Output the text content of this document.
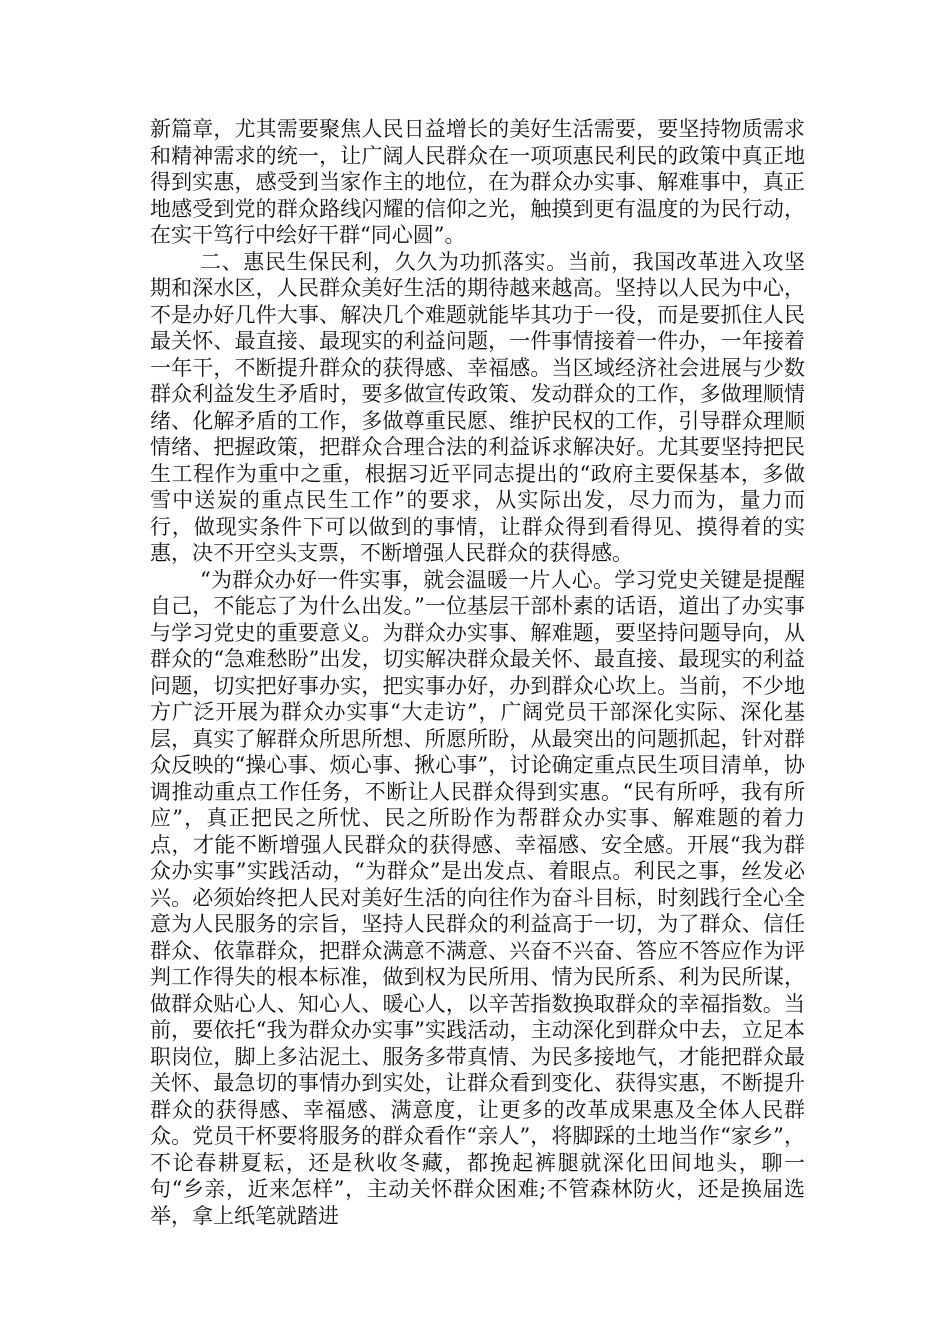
新篇章，尤其需要聚焦人民日益增长的美好生活需要，要坚持物质需求和精神需求的统一，让广阔人民群众在一项项惠民利民的政策中真正地得到实惠，感受到当家作主的地位，在为群众办实事、解难事中，真正地感受到党的群众路线闪耀的信仰之光，触摸到更有温度的为民行动，在实干笃行中绘好干群“同心圆”。

二、惠民生保民利，久久为功抓落实。当前，我国改革进入攻坚期和深水区，人民群众美好生活的期待越来越高。坚持以人民为中心，不是办好几件大事、解决几个难题就能毕其功于一役，而是要抓住人民最关怀、最直接、最现实的利益问题，一件事情接着一件办，一年接着一年干，不断提升群众的获得感、幸福感。当区域经济社会进展与少数群众利益发生矛盾时，要多做宣传政策、发动群众的工作，多做理顺情绪、化解矛盾的工作，多做尊重民愿、维护民权的工作，引导群众理顺情绪、把握政策，把群众合理合法的利益诉求解决好。尤其要坚持把民生工程作为重中之重，根据习近平同志提出的“政府主要保基本，多做雪中送炭的重点民生工作”的要求，从实际出发，尽力而为，量力而行，做现实条件下可以做到的事情，让群众得到看得见、摸得着的实惠，决不开空头支票，不断增强人民群众的获得感。

“为群众办好一件实事，就会温暖一片人心。学习党史关键是提醒自己，不能忘了为什么出发。”一位基层干部朴素的话语，道出了办实事与学习党史的重要意义。为群众办实事、解难题，要坚持问题导向，从群众的“急难愁盼”出发，切实解决群众最关怀、最直接、最现实的利益问题，切实把好事办实，把实事办好，办到群众心坎上。当前，不少地方广泛开展为群众办实事“大走访”，广阔党员干部深化实际、深化基层，真实了解群众所思所想、所愿所盼，从最突出的问题抓起，针对群众反映的“操心事、烦心事、揪心事”，讨论确定重点民生项目清单，协调推动重点工作任务，不断让人民群众得到实惠。“民有所呼，我有所应”，真正把民之所忧、民之所盼作为帮群众办实事、解难题的着力点，才能不断增强人民群众的获得感、幸福感、安全感。开展“我为群众办实事”实践活动，“为群众”是出发点、着眼点。利民之事，丝发必兴。必须始终把人民对美好生活的向往作为奋斗目标，时刻践行全心全意为人民服务的宗旨，坚持人民群众的利益高于一切，为了群众、信任群众、依靠群众，把群众满意不满意、兴奋不兴奋、答应不答应作为评判工作得失的根本标准，做到权为民所用、情为民所系、利为民所谋，做群众贴心人、知心人、暖心人，以辛苦指数换取群众的幸福指数。当前，要依托“我为群众办实事”实践活动，主动深化到群众中去，立足本职岗位，脚上多沾泥土、服务多带真情、为民多接地气，才能把群众最关怀、最急切的事情办到实处，让群众看到变化、获得实惠，不断提升群众的获得感、幸福感、满意度，让更多的改革成果惠及全体人民群众。党员干杯要将服务的群众看作“亲人”，将脚踩的土地当作“家乡”，不论春耕夏耘，还是秋收冬藏，都挽起裤腿就深化田间地头，聊一句“乡亲，近来怎样”，主动关怀群众困难;不管森林防火，还是换届选举，拿上纸笔就踏进
